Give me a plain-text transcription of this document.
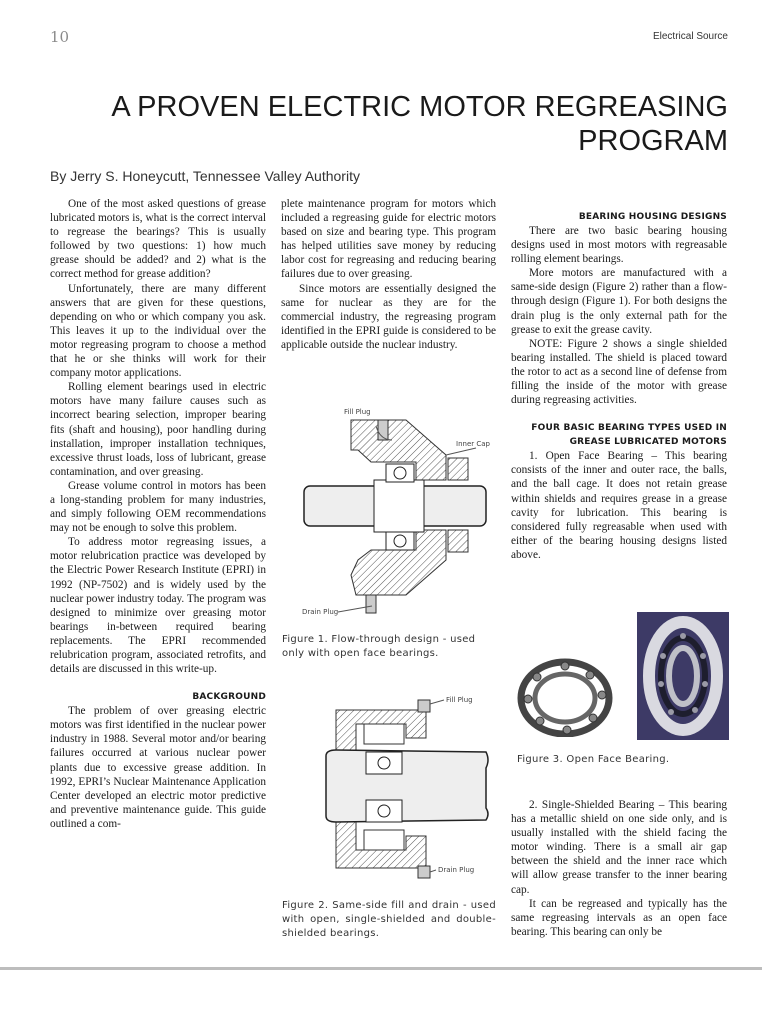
10	Electrical Source
A PROVEN ELECTRIC MOTOR REGREASING PROGRAM
By Jerry S. Honeycutt, Tennessee Valley Authority

One of the most asked questions of grease lubricated motors is, what is the correct interval to regrease the bearings? This is usually followed by two questions: 1) how much grease should be added? and 2) what is the correct method for grease addition?

Unfortunately, there are many different answers that are given for these questions, depending on who or which company you ask. This leaves it up to the individual over the motor regreasing program to choose a method that he or she thinks will work for their company motor applications.

Rolling element bearings used in electric motors have many failure causes such as incorrect bearing selection, improper bearing fits (shaft and housing), poor handling during installation, improper installation techniques, excessive thrust loads, loss of lubricant, grease contamination, and over greasing.

Grease volume control in motors has been a long-standing problem for many industries, and simply following OEM recommendations may not be enough to solve this problem.

To address motor regreasing issues, a motor relubrication practice was developed by the Electric Power Research Institute (EPRI) in 1992 (NP-7502) and is widely used by the nuclear power industry today. The program was designed to minimize over greasing motor bearings in-between required bearing replacements. The EPRI recommended relubrication program, associated retrofits, and details are discussed in this write-up.

BACKGROUND

The problem of over greasing electric motors was first identified in the nuclear power industry in 1988. Several motor and/or bearing failures occurred at various nuclear power plants due to excessive grease addition. In 1992, EPRI’s Nuclear Maintenance Application Center developed an electric motor predictive and preventive maintenance guide. This guide outlined a com-

plete maintenance program for motors which included a regreasing guide for electric motors based on size and bearing type. This program has helped utilities save money by reducing labor cost for regreasing and reducing bearing failures due to over greasing.

Since motors are essentially designed the same for nuclear as they are for the commercial industry, the regreasing program identified in the EPRI guide is considered to be applicable outside the nuclear industry.

Fill Plug
Inner Cap
Drain Plug

Figure 1. Flow-through design - used only with open face bearings.

Fill Plug
Drain Plug

Figure 2. Same-side fill and drain - used with open, single-shielded and double-shielded bearings.

BEARING HOUSING DESIGNS

There are two basic bearing housing designs used in most motors with regreasable rolling element bearings.

More motors are manufactured with a same-side design (Figure 2) rather than a flow-through design (Figure 1). For both designs the drain plug is the only external path for the grease to exit the grease cavity.

NOTE: Figure 2 shows a single shielded bearing installed. The shield is placed toward the rotor to act as a second line of defense from filling the inside of the motor with grease during regreasing activities.

FOUR BASIC BEARING TYPES USED IN

GREASE LUBRICATED MOTORS

1. Open Face Bearing – This bearing consists of the inner and outer race, the balls, and the ball cage. It does not retain grease within shields and requires grease in a grease cavity for lubrication. This bearing is considered fully regreasable when used with either of the bearing housing designs listed above.

Figure 3. Open Face Bearing.

2. Single-Shielded Bearing – This bearing has a metallic shield on one side only, and is usually installed with the shield facing the motor winding. There is a small air gap between the shield and the inner race which will allow grease transfer to the inner bearing cap.

It can be regreased and typically has the same regreasing intervals as an open face bearing. This bearing can only be
